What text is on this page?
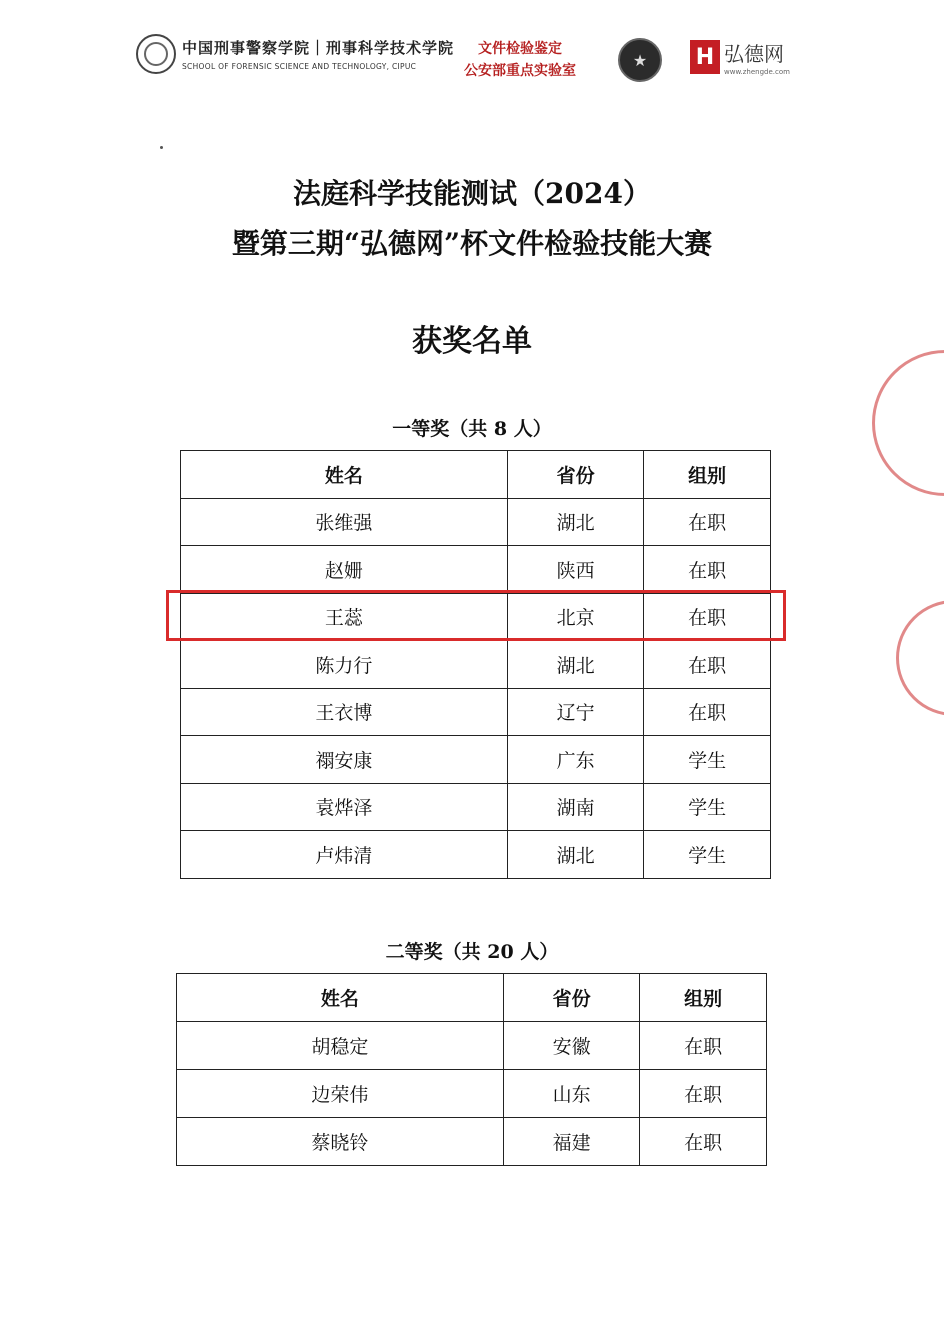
中国刑事警察学院｜刑事科学技术学院
SCHOOL OF FORENSIC SCIENCE AND TECHNOLOGY, CIPUC
文件检验鉴定
公安部重点实验室
★ H 弘德网
www.zhengde.com
法庭科学技能测试（2024）
暨第三期“弘德网”杯文件检验技能大赛
获奖名单
一等奖（共 8 人）
姓名	省份	组别
张维强	湖北	在职
赵姗	陕西	在职
王蕊	北京	在职
陈力行	湖北	在职
王衣博	辽宁	在职
禤安康	广东	学生
袁烨泽	湖南	学生
卢炜清	湖北	学生
二等奖（共 20 人）
姓名	省份	组别
胡稳定	安徽	在职
边荣伟	山东	在职
蔡晓铃	福建	在职
